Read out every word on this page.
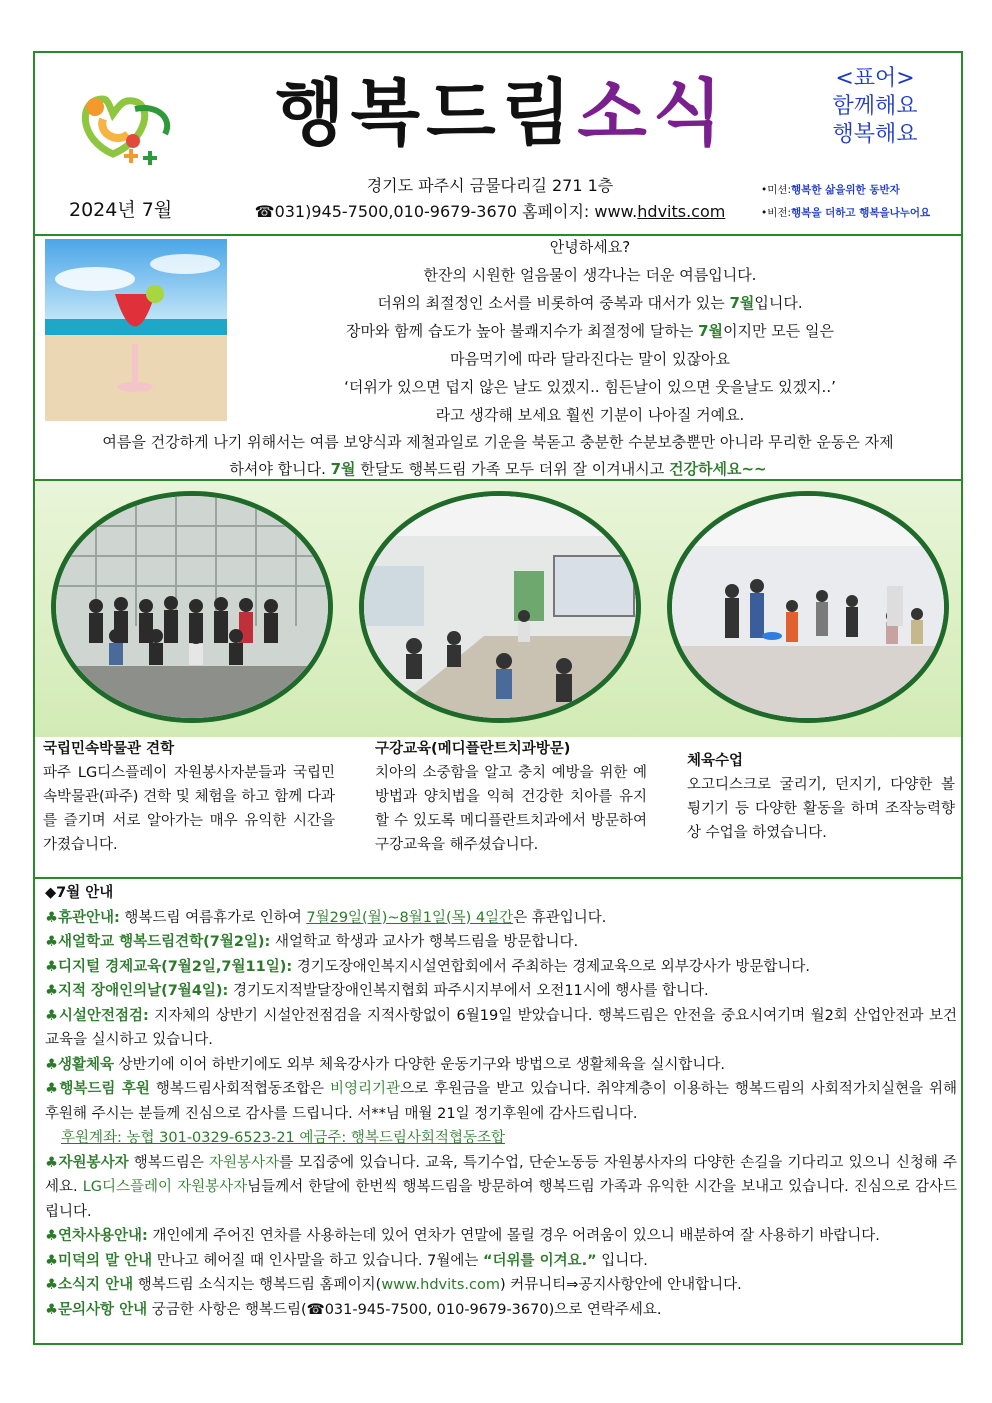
행복드림소식	<표어>
함께해요
행복해요
2024년 7월
경기도 파주시 금물다리길 271 1층
☎031)945-7500,010-9679-3670 홈페이지: www.hdvits.com
•미션:행복한 삶을위한 동반자
•비전:행복을 더하고 행복을나누어요
안녕하세요?
한잔의 시원한 얼음물이 생각나는 더운 여름입니다.
더위의 최절정인 소서를 비롯하여 중복과 대서가 있는 7월입니다.
장마와 함께 습도가 높아 불쾌지수가 최절정에 달하는 7월이지만 모든 일은
마음먹기에 따라 달라진다는 말이 있잖아요
‘더위가 있으면 덥지 않은 날도 있겠지.. 힘든날이 있으면 웃을날도 있겠지..’
라고 생각해 보세요 훨씬 기분이 나아질 거예요.
여름을 건강하게 나기 위해서는 여름 보양식과 제철과일로 기운을 북돋고 충분한 수분보충뿐만 아니라 무리한 운동은 자제
하셔야 합니다. 7월 한달도 행복드림 가족 모두 더위 잘 이겨내시고 건강하세요~~
국립민속박물관 견학
파주 LG디스플레이 자원봉사자분들과 국립민속박물관(파주) 견학 및 체험을 하고 함께 다과를 즐기며 서로 알아가는 매우 유익한 시간을 가졌습니다.
구강교육(메디플란트치과방문)
치아의 소중함을 알고 충치 예방을 위한 예방법과 양치법을 익혀 건강한 치아를 유지할 수 있도록 메디플란트치과에서 방문하여 구강교육을 해주셨습니다.
체육수업
오고디스크로 굴리기, 던지기, 다양한 볼 튕기기 등 다양한 활동을 하며 조작능력향상 수업을 하였습니다.

◆7월 안내

♣휴관안내: 행복드림 여름휴가로 인하여 7월29일(월)~8월1일(목) 4일간은 휴관입니다.

♣새얼학교 행복드림견학(7월2일): 새얼학교 학생과 교사가 행복드림을 방문합니다.

♣디지털 경제교육(7월2일,7월11일): 경기도장애인복지시설연합회에서 주최하는 경제교육으로 외부강사가 방문합니다.

♣지적 장애인의날(7월4일): 경기도지적발달장애인복지협회 파주시지부에서 오전11시에 행사를 합니다.

♣시설안전점검: 지자체의 상반기 시설안전점검을 지적사항없이 6월19일 받았습니다. 행복드림은 안전을 중요시여기며 월2회 산업안전과 보건교육을 실시하고 있습니다.

♣생활체육 상반기에 이어 하반기에도 외부 체육강사가 다양한 운동기구와 방법으로 생활체육을 실시합니다.

♣행복드림 후원 행복드림사회적협동조합은 비영리기관으로 후원금을 받고 있습니다. 취약계층이 이용하는 행복드림의 사회적가치실현을 위해 후원해 주시는 분들께 진심으로 감사를 드립니다. 서**님 매월 21일 정기후원에 감사드립니다.

후원계좌: 농협 301-0329-6523-21 예금주: 행복드림사회적협동조합

♣자원봉사자 행복드림은 자원봉사자를 모집중에 있습니다. 교육, 특기수업, 단순노동등 자원봉사자의 다양한 손길을 기다리고 있으니 신청해 주세요. LG디스플레이 자원봉사자님들께서 한달에 한번씩 행복드림을 방문하여 행복드림 가족과 유익한 시간을 보내고 있습니다. 진심으로 감사드립니다.

♣연차사용안내: 개인에게 주어진 연차를 사용하는데 있어 연차가 연말에 몰릴 경우 어려움이 있으니 배분하여 잘 사용하기 바랍니다.

♣미덕의 말 안내 만나고 헤어질 때 인사말을 하고 있습니다. 7월에는 “더위를 이겨요.” 입니다.

♣소식지 안내 행복드림 소식지는 행복드림 홈페이지(www.hdvits.com) 커뮤니티⇒공지사항안에 안내합니다.

♣문의사항 안내 궁금한 사항은 행복드림(☎031-945-7500, 010-9679-3670)으로 연락주세요.
